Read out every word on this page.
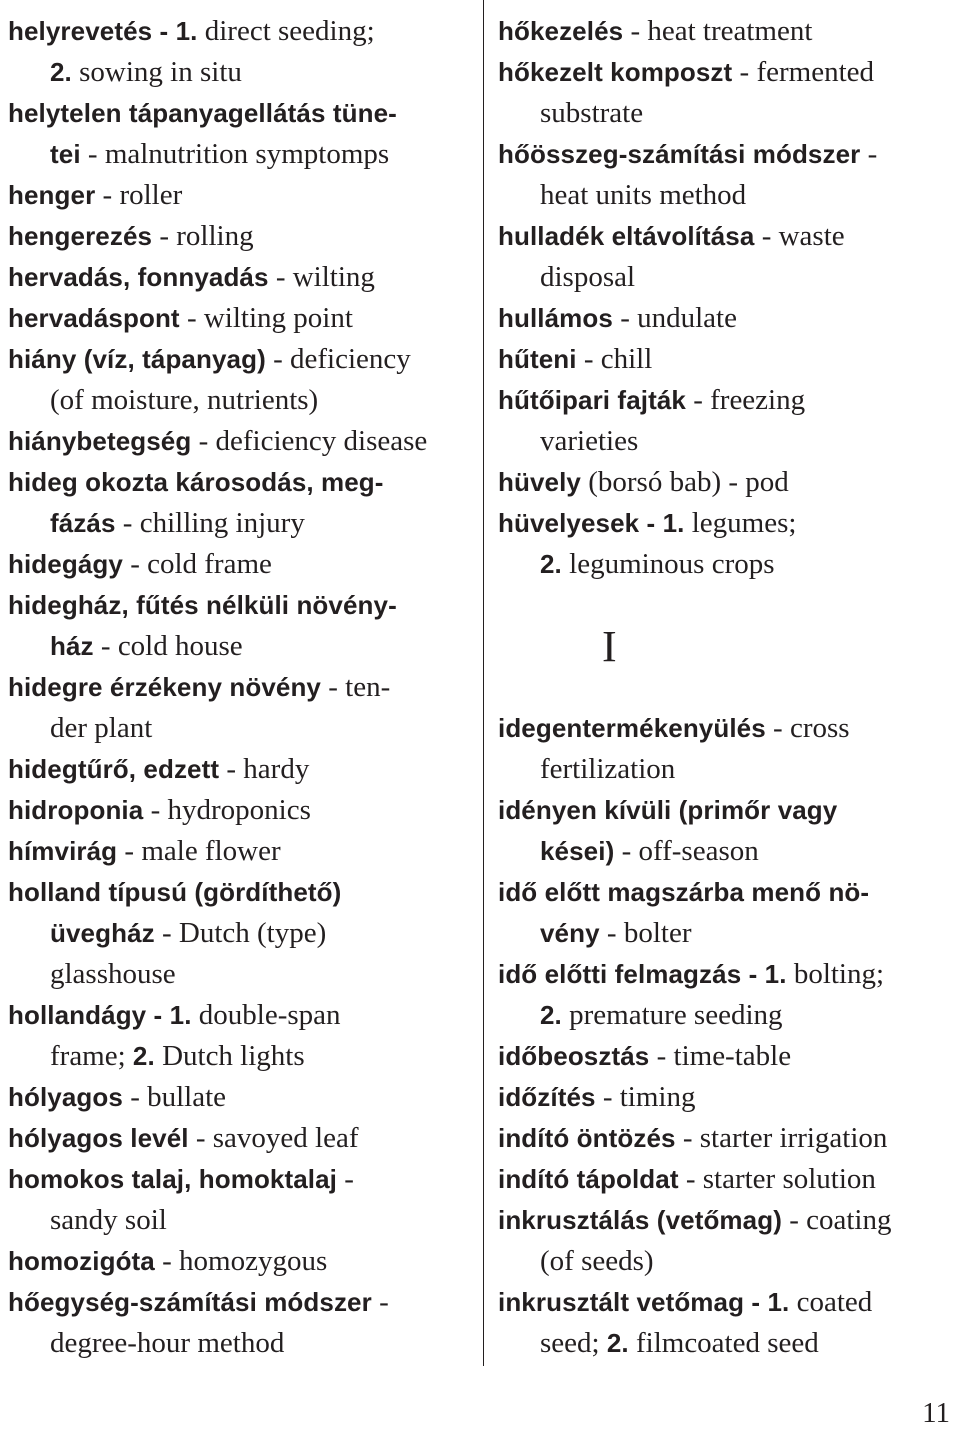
helyrevetés - 1. direct seeding;
2. sowing in situ
helytelen tápanyagellátás tüne-
tei - malnutrition symptomps
henger - roller
hengerezés - rolling
hervadás, fonnyadás - wilting
hervadáspont - wilting point
hiány (víz, tápanyag) - deficiency
(of moisture, nutrients)
hiánybetegség - deficiency disease
hideg okozta károsodás, meg-
fázás - chilling injury
hidegágy - cold frame
hidegház, fűtés nélküli növény-
ház - cold house
hidegre érzékeny növény - ten-
der plant
hidegtűrő, edzett - hardy
hidroponia - hydroponics
hímvirág - male flower
holland típusú (gördíthető)
üvegház - Dutch (type)
glasshouse
hollandágy - 1. double-span
frame; 2. Dutch lights
hólyagos - bullate
hólyagos levél - savoyed leaf
homokos talaj, homoktalaj -
sandy soil
homozigóta - homozygous
hőegység-számítási módszer -
degree-hour method
hőkezelés - heat treatment
hőkezelt komposzt - fermented
substrate
hőösszeg-számítási módszer -
heat units method
hulladék eltávolítása - waste
disposal
hullámos - undulate
hűteni - chill
hűtőipari fajták - freezing
varieties
hüvely (borsó bab) - pod
hüvelyesek - 1. legumes;
2. leguminous crops
I
idegentermékenyülés - cross
fertilization
idényen kívüli (primőr vagy
kései) - off-season
idő előtt magszárba menő nö-
vény - bolter
idő előtti felmagzás - 1. bolting;
2. premature seeding
időbeosztás - time-table
időzítés - timing
indító öntözés - starter irrigation
indító tápoldat - starter solution
inkrusztálás (vetőmag) - coating
(of seeds)
inkrusztált vetőmag - 1. coated
seed; 2. filmcoated seed
11
